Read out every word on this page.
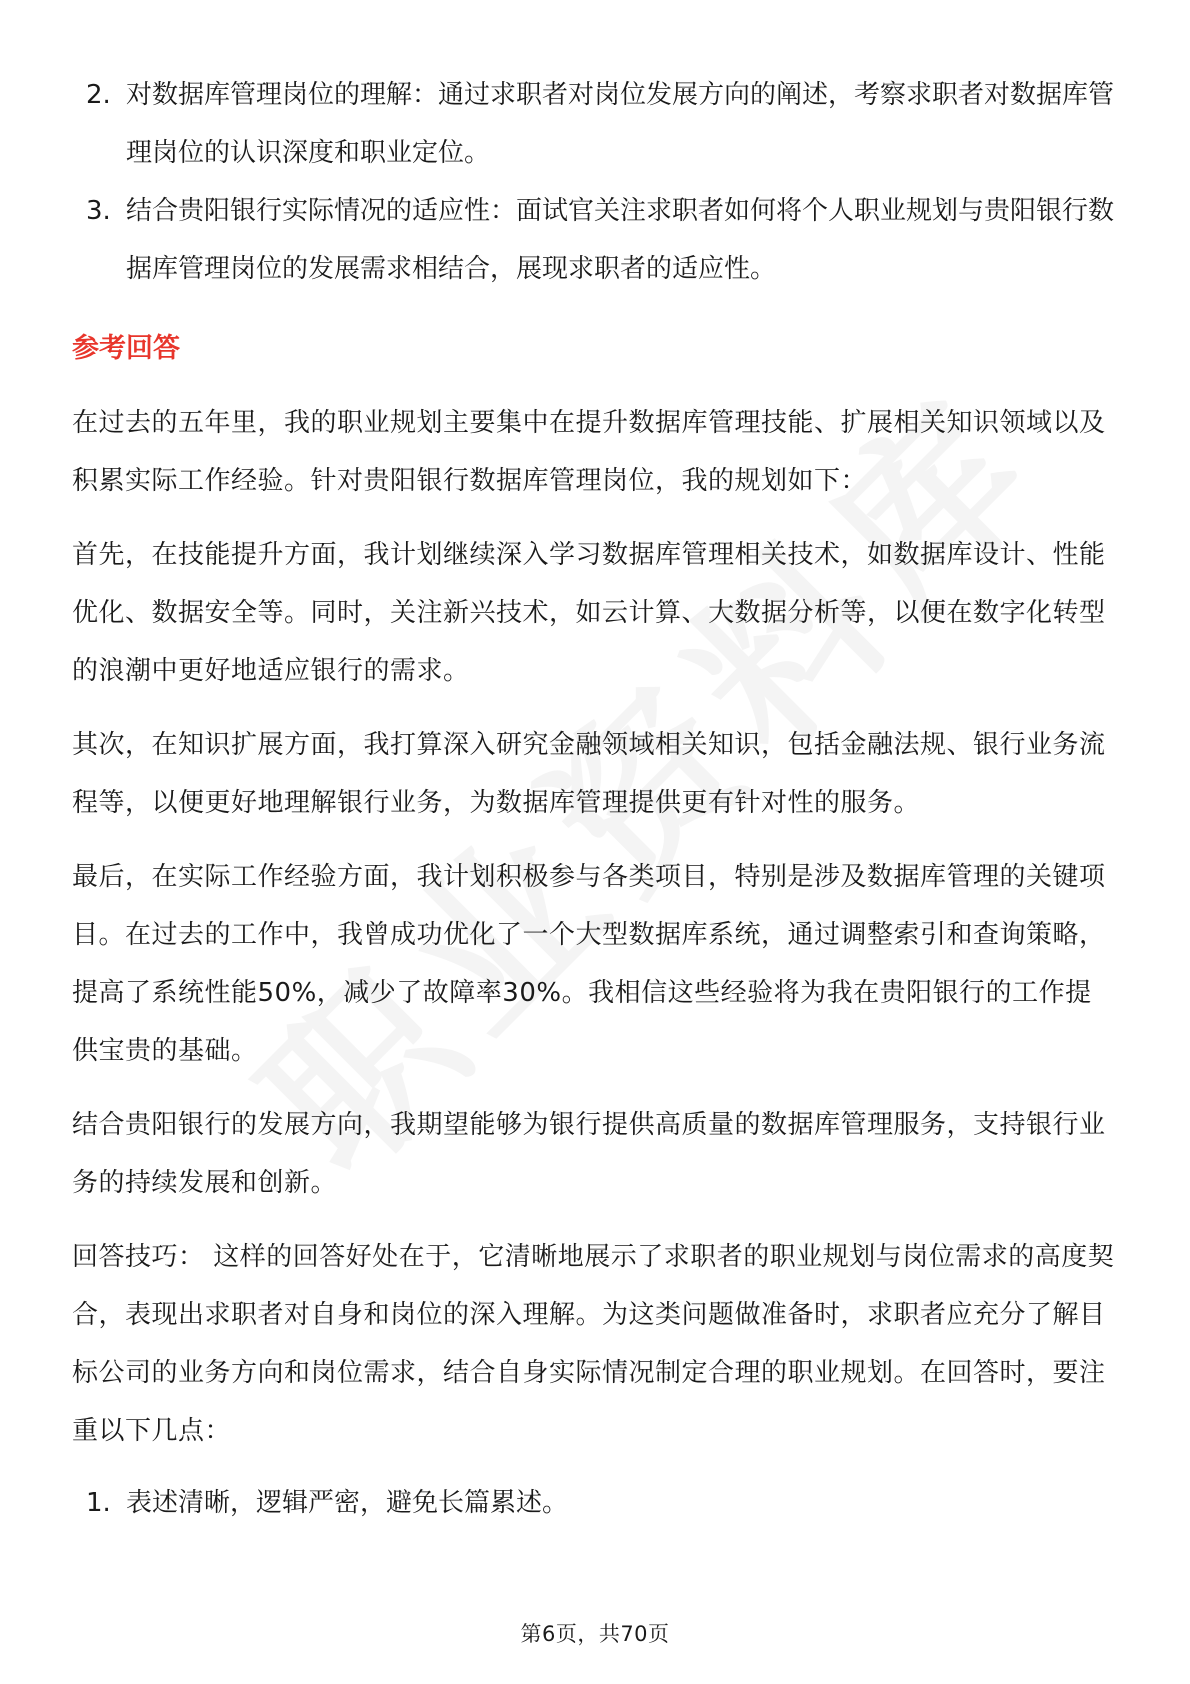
2. 对数据库管理岗位的理解：通过求职者对岗位发展方向的阐述，考察求职者对数据库管理岗位的认识深度和职业定位。
3. 结合贵阳银行实际情况的适应性：面试官关注求职者如何将个人职业规划与贵阳银行数据库管理岗位的发展需求相结合，展现求职者的适应性。
参考回答

在过去的五年里，我的职业规划主要集中在提升数据库管理技能、扩展相关知识领域以及积累实际工作经验。针对贵阳银行数据库管理岗位，我的规划如下：

首先，在技能提升方面，我计划继续深入学习数据库管理相关技术，如数据库设计、性能优化、数据安全等。同时，关注新兴技术，如云计算、大数据分析等，以便在数字化转型的浪潮中更好地适应银行的需求。

其次，在知识扩展方面，我打算深入研究金融领域相关知识，包括金融法规、银行业务流程等，以便更好地理解银行业务，为数据库管理提供更有针对性的服务。

最后，在实际工作经验方面，我计划积极参与各类项目，特别是涉及数据库管理的关键项目。在过去的工作中，我曾成功优化了一个大型数据库系统，通过调整索引和查询策略，提高了系统性能50%，减少了故障率30%。我相信这些经验将为我在贵阳银行的工作提供宝贵的基础。

结合贵阳银行的发展方向，我期望能够为银行提供高质量的数据库管理服务，支持银行业务的持续发展和创新。

回答技巧： 这样的回答好处在于，它清晰地展示了求职者的职业规划与岗位需求的高度契合，表现出求职者对自身和岗位的深入理解。为这类问题做准备时，求职者应充分了解目标公司的业务方向和岗位需求，结合自身实际情况制定合理的职业规划。在回答时，要注重以下几点：

1. 表述清晰，逻辑严密，避免长篇累述。
第6页，共70页
